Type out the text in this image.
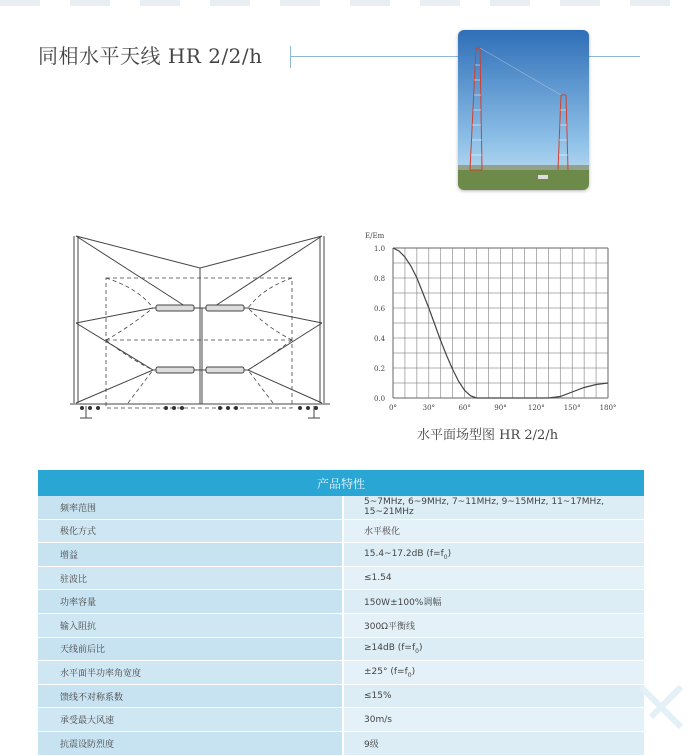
同相水平天线 HR 2/2/h
E/Em
1.0
0.8
0.6
0.4
0.2
0.0
0°	30°	60°	90°	120°	150°	180°
水平面场型图 HR 2/2/h
产品特性	
频率范围	5~7MHz, 6~9MHz, 7~11MHz, 9~15MHz, 11~17MHz, 15~21MHz
极化方式	水平极化
增益	15.4~17.2dB $(f=f_0)$
驻波比	≤1.54
功率容量	150W±100%调幅
输入阻抗	300Ω平衡线
天线前后比	≥14dB $(f=f_0)$
水平面半功率角宽度	±25° $(f=f_0)$
馈线不对称系数	≤15%
承受最大风速	30m/s
抗震设防烈度	9级
